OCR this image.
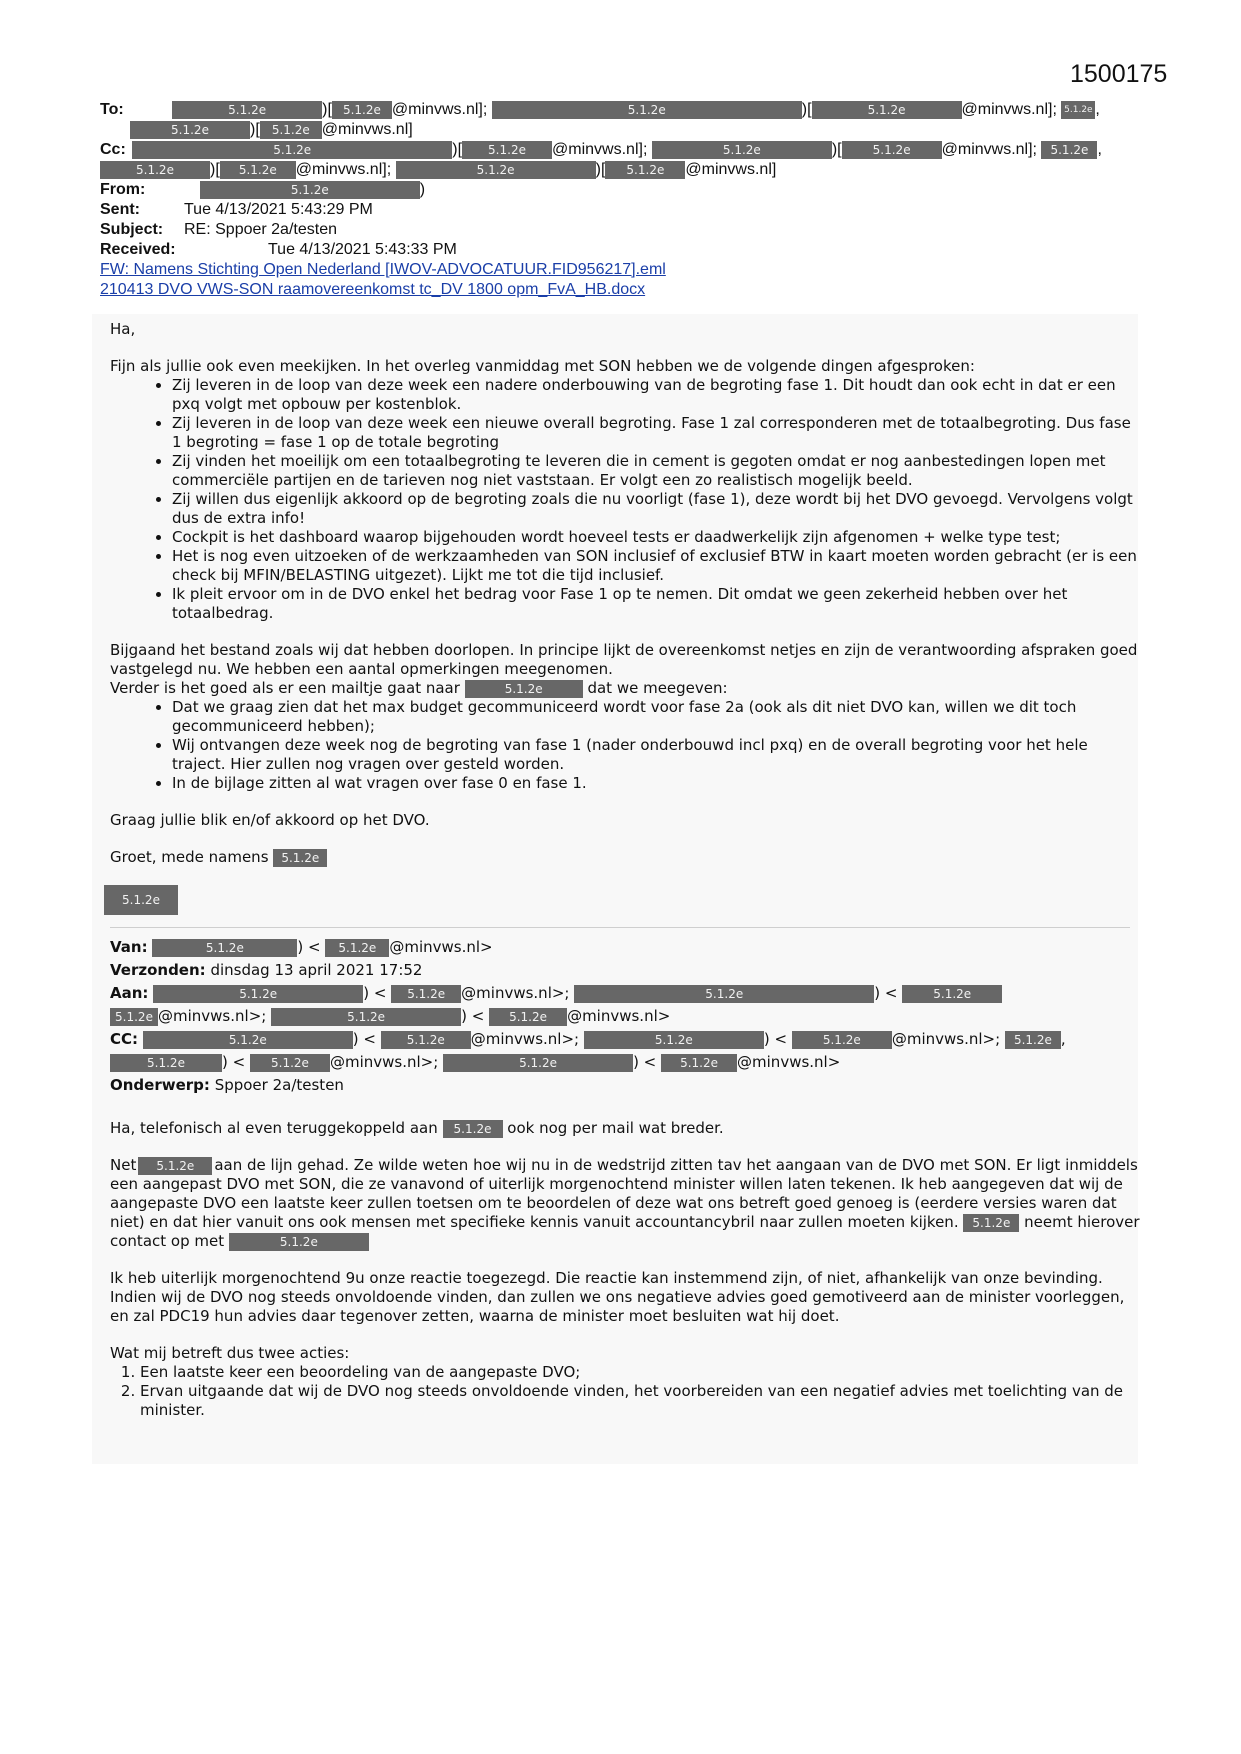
1500175
To:	5.1.2e	)[ 5.1.2e @minvws.nl];	5.1.2e	)[	5.1.2e	@minvws.nl]; 5.1.2e ,
5.1.2e	)[ 5.1.2e @minvws.nl]
Cc:	5.1.2e	)[ 5.1.2e @minvws.nl];	5.1.2e	)[	5.1.2e @minvws.nl]; 5.1.2e ,
5.1.2e )[ 5.1.2e @minvws.nl];	5.1.2e	)[ 5.1.2e @minvws.nl]
From:	5.1.2e	)
Sent:	Tue 4/13/2021 5:43:29 PM
Subject: RE: Sppoer 2a/testen
Received:	Tue 4/13/2021 5:43:33 PM
FW: Namens Stichting Open Nederland [IWOV-ADVOCATUUR.FID956217].eml
210413 DVO VWS-SON raamovereenkomst tc_DV 1800 opm_FvA_HB.docx

Ha,

Fijn als jullie ook even meekijken. In het overleg vanmiddag met SON hebben we de volgende dingen afgesproken:
• Zij leveren in de loop van deze week een nadere onderbouwing van de begroting fase 1. Dit houdt dan ook echt in dat er een pxq volgt met opbouw per kostenblok.
• Zij leveren in de loop van deze week een nieuwe overall begroting. Fase 1 zal corresponderen met de totaalbegroting. Dus fase 1 begroting = fase 1 op de totale begroting
• Zij vinden het moeilijk om een totaalbegroting te leveren die in cement is gegoten omdat er nog aanbestedingen lopen met commerciële partijen en de tarieven nog niet vaststaan. Er volgt een zo realistisch mogelijk beeld.
• Zij willen dus eigenlijk akkoord op de begroting zoals die nu voorligt (fase 1), deze wordt bij het DVO gevoegd. Vervolgens volgt dus de extra info!
• Cockpit is het dashboard waarop bijgehouden wordt hoeveel tests er daadwerkelijk zijn afgenomen + welke type test;
• Het is nog even uitzoeken of de werkzaamheden van SON inclusief of exclusief BTW in kaart moeten worden gebracht (er is een check bij MFIN/BELASTING uitgezet). Lijkt me tot die tijd inclusief.
• Ik pleit ervoor om in de DVO enkel het bedrag voor Fase 1 op te nemen. Dit omdat we geen zekerheid hebben over het totaalbedrag.
Bijgaand het bestand zoals wij dat hebben doorlopen. In principe lijkt de overeenkomst netjes en zijn de verantwoording afspraken goed vastgelegd nu. We hebben een aantal opmerkingen meegenomen.
Verder is het goed als er een mailtje gaat naar	5.1.2e	dat we meegeven:
• Dat we graag zien dat het max budget gecommuniceerd wordt voor fase 2a (ook als dit niet DVO kan, willen we dit toch gecommuniceerd hebben);
• Wij ontvangen deze week nog de begroting van fase 1 (nader onderbouwd incl pxq) en de overall begroting voor het hele traject. Hier zullen nog vragen over gesteld worden.
• In de bijlage zitten al wat vragen over fase 0 en fase 1.

Graag jullie blik en/of akkoord op het DVO.

Groet, mede namens 5.1.2e

5.1.2e
Van:	5.1.2e	) < 5.1.2e @minvws.nl>
Verzonden: dinsdag 13 april 2021 17:52
Aan:	5.1.2e	) < 5.1.2e @minvws.nl>;	5.1.2e	) <	5.1.2e
5.1.2e @minvws.nl>;	5.1.2e	) < 5.1.2e @minvws.nl>
CC:	5.1.2e	) < 5.1.2e @minvws.nl>;	5.1.2e	) <	5.1.2e @minvws.nl>; 5.1.2e ,
5.1.2e ) < 5.1.2e @minvws.nl>;	5.1.2e	) < 5.1.2e @minvws.nl>
Onderwerp: Sppoer 2a/testen

Ha, telefonisch al even teruggekoppeld aan 5.1.2e ook nog per mail wat breder.

Net 5.1.2e aan de lijn gehad. Ze wilde weten hoe wij nu in de wedstrijd zitten tav het aangaan van de DVO met SON. Er ligt inmiddels een aangepast DVO met SON, die ze vanavond of uiterlijk morgenochtend minister willen laten tekenen. Ik heb aangegeven dat wij de aangepaste DVO een laatste keer zullen toetsen om te beoordelen of deze wat ons betreft goed genoeg is (eerdere versies waren dat niet) en dat hier vanuit ons ook mensen met specifieke kennis vanuit accountancybril naar zullen moeten kijken. 5.1.2e neemt hierover contact op met	5.1.2e

Ik heb uiterlijk morgenochtend 9u onze reactie toegezegd. Die reactie kan instemmend zijn, of niet, afhankelijk van onze bevinding. Indien wij de DVO nog steeds onvoldoende vinden, dan zullen we ons negatieve advies goed gemotiveerd aan de minister voorleggen, en zal PDC19 hun advies daar tegenover zetten, waarna de minister moet besluiten wat hij doet.

Wat mij betreft dus twee acties:
1. Een laatste keer een beoordeling van de aangepaste DVO;
2. Ervan uitgaande dat wij de DVO nog steeds onvoldoende vinden, het voorbereiden van een negatief advies met toelichting van de minister.
